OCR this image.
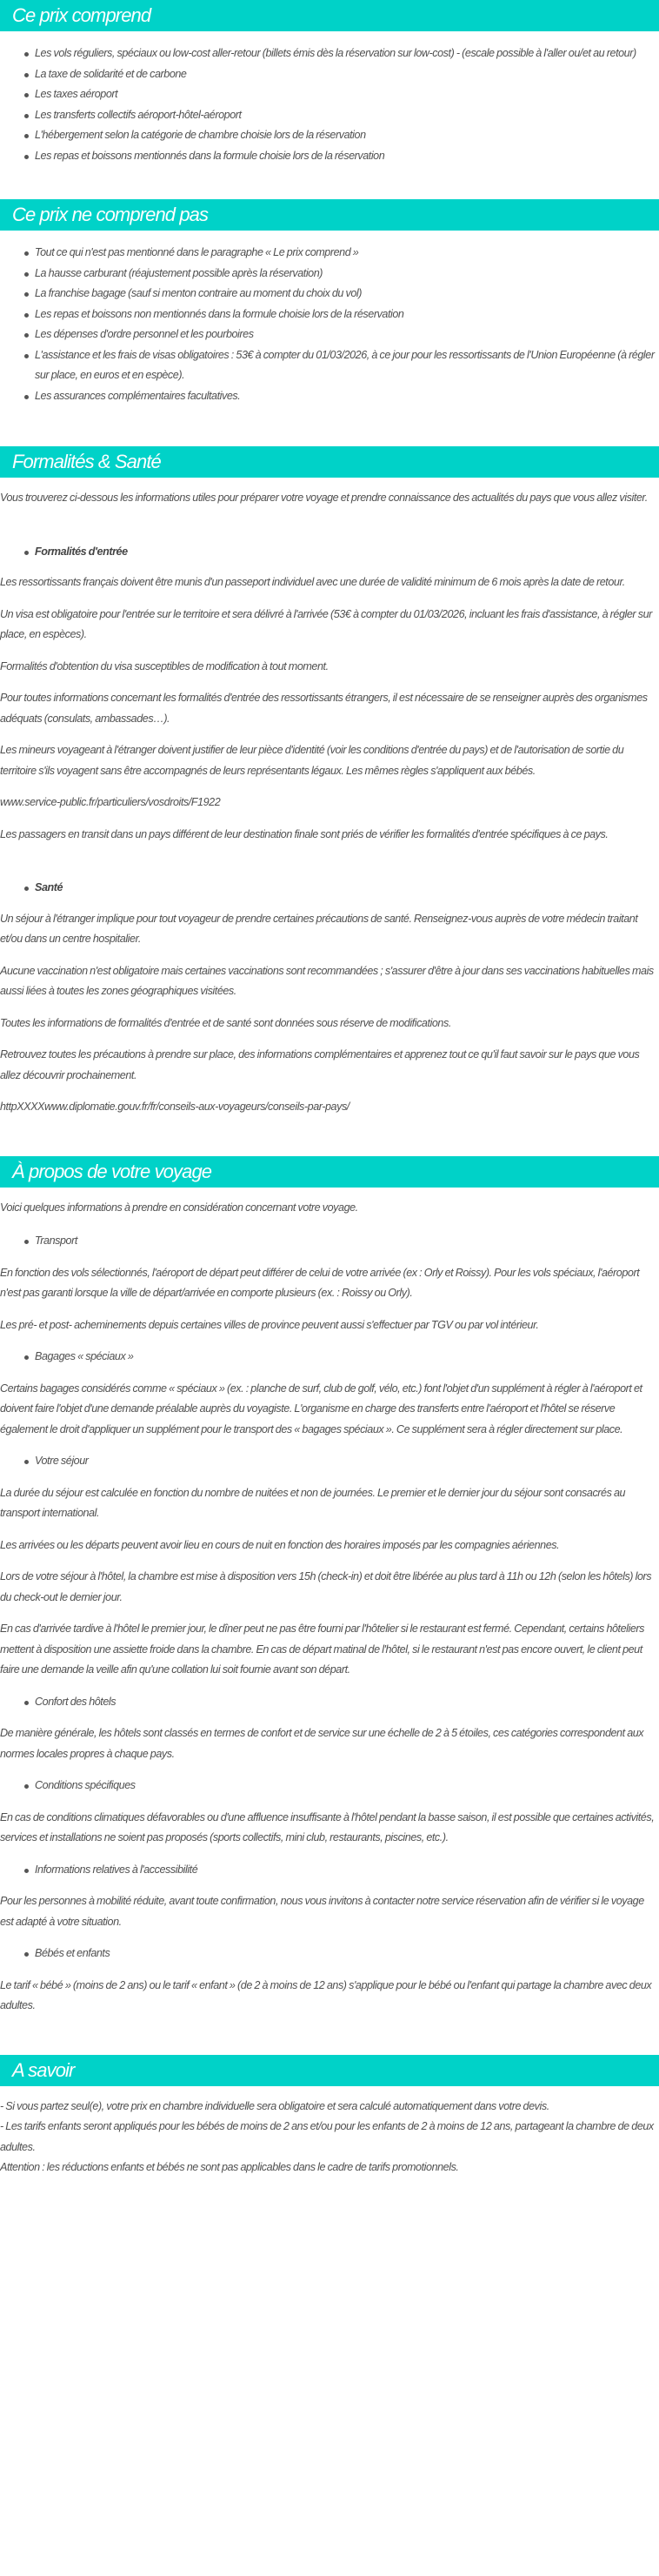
Ce prix comprend
Les vols réguliers, spéciaux ou low-cost aller-retour (billets émis dès la réservation sur low-cost) - (escale possible à l'aller ou/et au retour)
La taxe de solidarité et de carbone
Les taxes aéroport
Les transferts collectifs aéroport-hôtel-aéroport
L'hébergement selon la catégorie de chambre choisie lors de la réservation
Les repas et boissons mentionnés dans la formule choisie lors de la réservation
Ce prix ne comprend pas
Tout ce qui n'est pas mentionné dans le paragraphe « Le prix comprend »
La hausse carburant (réajustement possible après la réservation)
La franchise bagage (sauf si menton contraire au moment du choix du vol)
Les repas et boissons non mentionnés dans la formule choisie lors de la réservation
Les dépenses d'ordre personnel et les pourboires
L'assistance et les frais de visas obligatoires : 53€ à compter du 01/03/2026, à ce jour pour les ressortissants de l'Union Européenne (à régler sur place, en euros et en espèce).
Les assurances complémentaires facultatives.
Formalités & Santé

Vous trouverez ci-dessous les informations utiles pour préparer votre voyage et prendre connaissance des actualités du pays que vous allez visiter.

Formalités d'entrée

Les ressortissants français doivent être munis d'un passeport individuel avec une durée de validité minimum de 6 mois après la date de retour.

Un visa est obligatoire pour l'entrée sur le territoire et sera délivré à l'arrivée (53€ à compter du 01/03/2026, incluant les frais d'assistance, à régler sur place, en espèces).

Formalités d'obtention du visa susceptibles de modification à tout moment.

Pour toutes informations concernant les formalités d'entrée des ressortissants étrangers, il est nécessaire de se renseigner auprès des organismes adéquats (consulats, ambassades…).

Les mineurs voyageant à l'étranger doivent justifier de leur pièce d'identité (voir les conditions d'entrée du pays) et de l'autorisation de sortie du territoire s'ils voyagent sans être accompagnés de leurs représentants légaux. Les mêmes règles s'appliquent aux bébés.

www.service-public.fr/particuliers/vosdroits/F1922

Les passagers en transit dans un pays différent de leur destination finale sont priés de vérifier les formalités d'entrée spécifiques à ce pays.

Santé

Un séjour à l'étranger implique pour tout voyageur de prendre certaines précautions de santé. Renseignez-vous auprès de votre médecin traitant et/ou dans un centre hospitalier.

Aucune vaccination n'est obligatoire mais certaines vaccinations sont recommandées ; s'assurer d'être à jour dans ses vaccinations habituelles mais aussi liées à toutes les zones géographiques visitées.

Toutes les informations de formalités d'entrée et de santé sont données sous réserve de modifications.

Retrouvez toutes les précautions à prendre sur place, des informations complémentaires et apprenez tout ce qu'il faut savoir sur le pays que vous allez découvrir prochainement.

httpXXXXwww.diplomatie.gouv.fr/fr/conseils-aux-voyageurs/conseils-par-pays/

À propos de votre voyage

Voici quelques informations à prendre en considération concernant votre voyage.

Transport

En fonction des vols sélectionnés, l'aéroport de départ peut différer de celui de votre arrivée (ex : Orly et Roissy). Pour les vols spéciaux, l'aéroport n'est pas garanti lorsque la ville de départ/arrivée en comporte plusieurs (ex. : Roissy ou Orly).

Les pré- et post- acheminements depuis certaines villes de province peuvent aussi s'effectuer par TGV ou par vol intérieur.

Bagages « spéciaux »

Certains bagages considérés comme « spéciaux » (ex. : planche de surf, club de golf, vélo, etc.) font l'objet d'un supplément à régler à l'aéroport et doivent faire l'objet d'une demande préalable auprès du voyagiste. L'organisme en charge des transferts entre l'aéroport et l'hôtel se réserve également le droit d'appliquer un supplément pour le transport des « bagages spéciaux ». Ce supplément sera à régler directement sur place.

Votre séjour

La durée du séjour est calculée en fonction du nombre de nuitées et non de journées. Le premier et le dernier jour du séjour sont consacrés au transport international.

Les arrivées ou les départs peuvent avoir lieu en cours de nuit en fonction des horaires imposés par les compagnies aériennes.

Lors de votre séjour à l'hôtel, la chambre est mise à disposition vers 15h (check-in) et doit être libérée au plus tard à 11h ou 12h (selon les hôtels) lors du check-out le dernier jour.

En cas d'arrivée tardive à l'hôtel le premier jour, le dîner peut ne pas être fourni par l'hôtelier si le restaurant est fermé. Cependant, certains hôteliers mettent à disposition une assiette froide dans la chambre. En cas de départ matinal de l'hôtel, si le restaurant n'est pas encore ouvert, le client peut faire une demande la veille afin qu'une collation lui soit fournie avant son départ.

Confort des hôtels

De manière générale, les hôtels sont classés en termes de confort et de service sur une échelle de 2 à 5 étoiles, ces catégories correspondent aux normes locales propres à chaque pays.

Conditions spécifiques

En cas de conditions climatiques défavorables ou d'une affluence insuffisante à l'hôtel pendant la basse saison, il est possible que certaines activités, services et installations ne soient pas proposés (sports collectifs, mini club, restaurants, piscines, etc.).

Informations relatives à l'accessibilité

Pour les personnes à mobilité réduite, avant toute confirmation, nous vous invitons à contacter notre service réservation afin de vérifier si le voyage est adapté à votre situation.

Bébés et enfants

Le tarif « bébé » (moins de 2 ans) ou le tarif « enfant » (de 2 à moins de 12 ans) s'applique pour le bébé ou l'enfant qui partage la chambre avec deux adultes.

A savoir

- Si vous partez seul(e), votre prix en chambre individuelle sera obligatoire et sera calculé automatiquement dans votre devis.

- Les tarifs enfants seront appliqués pour les bébés de moins de 2 ans et/ou pour les enfants de 2 à moins de 12 ans, partageant la chambre de deux adultes.

Attention : les réductions enfants et bébés ne sont pas applicables dans le cadre de tarifs promotionnels.
